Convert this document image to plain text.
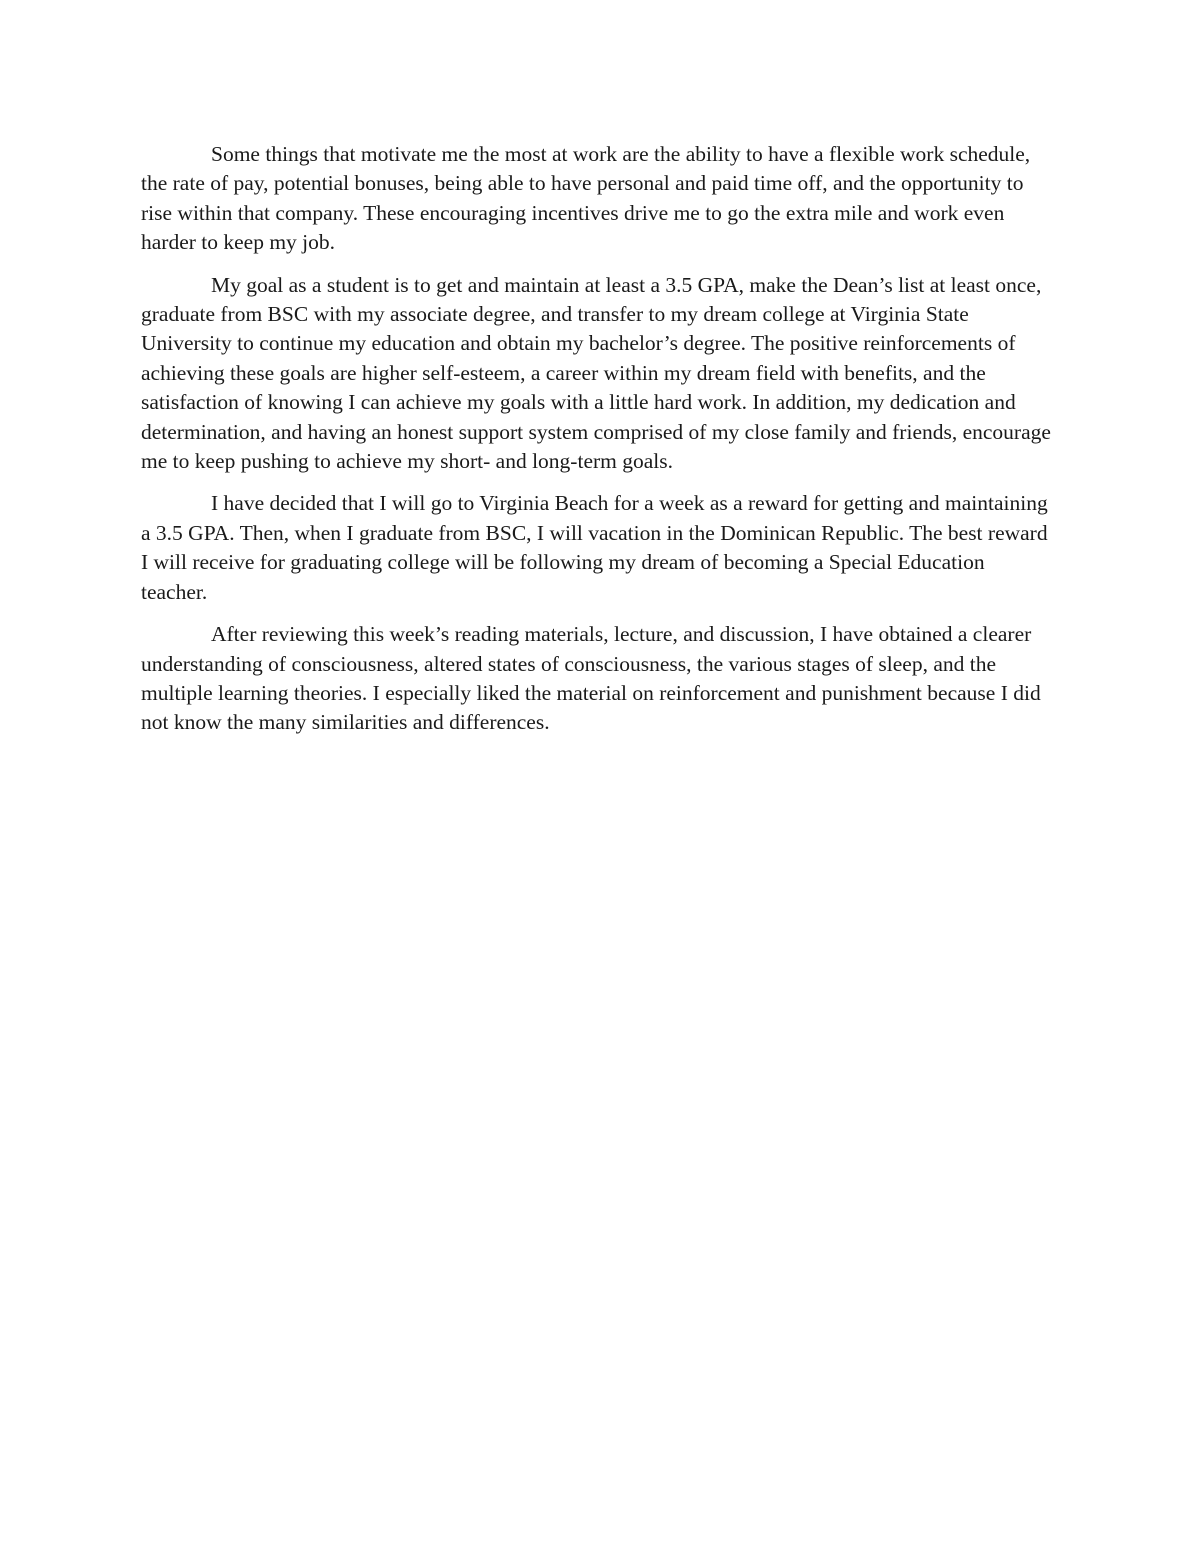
Some things that motivate me the most at work are the ability to have a flexible work schedule, the rate of pay, potential bonuses, being able to have personal and paid time off, and the opportunity to rise within that company. These encouraging incentives drive me to go the extra mile and work even harder to keep my job.

My goal as a student is to get and maintain at least a 3.5 GPA, make the Dean’s list at least once, graduate from BSC with my associate degree, and transfer to my dream college at Virginia State University to continue my education and obtain my bachelor’s degree. The positive reinforcements of achieving these goals are higher self-esteem, a career within my dream field with benefits, and the satisfaction of knowing I can achieve my goals with a little hard work. In addition, my dedication and determination, and having an honest support system comprised of my close family and friends, encourage me to keep pushing to achieve my short- and long-term goals.

I have decided that I will go to Virginia Beach for a week as a reward for getting and maintaining a 3.5 GPA. Then, when I graduate from BSC, I will vacation in the Dominican Republic. The best reward I will receive for graduating college will be following my dream of becoming a Special Education teacher.

After reviewing this week’s reading materials, lecture, and discussion, I have obtained a clearer understanding of consciousness, altered states of consciousness, the various stages of sleep, and the multiple learning theories. I especially liked the material on reinforcement and punishment because I did not know the many similarities and differences.
